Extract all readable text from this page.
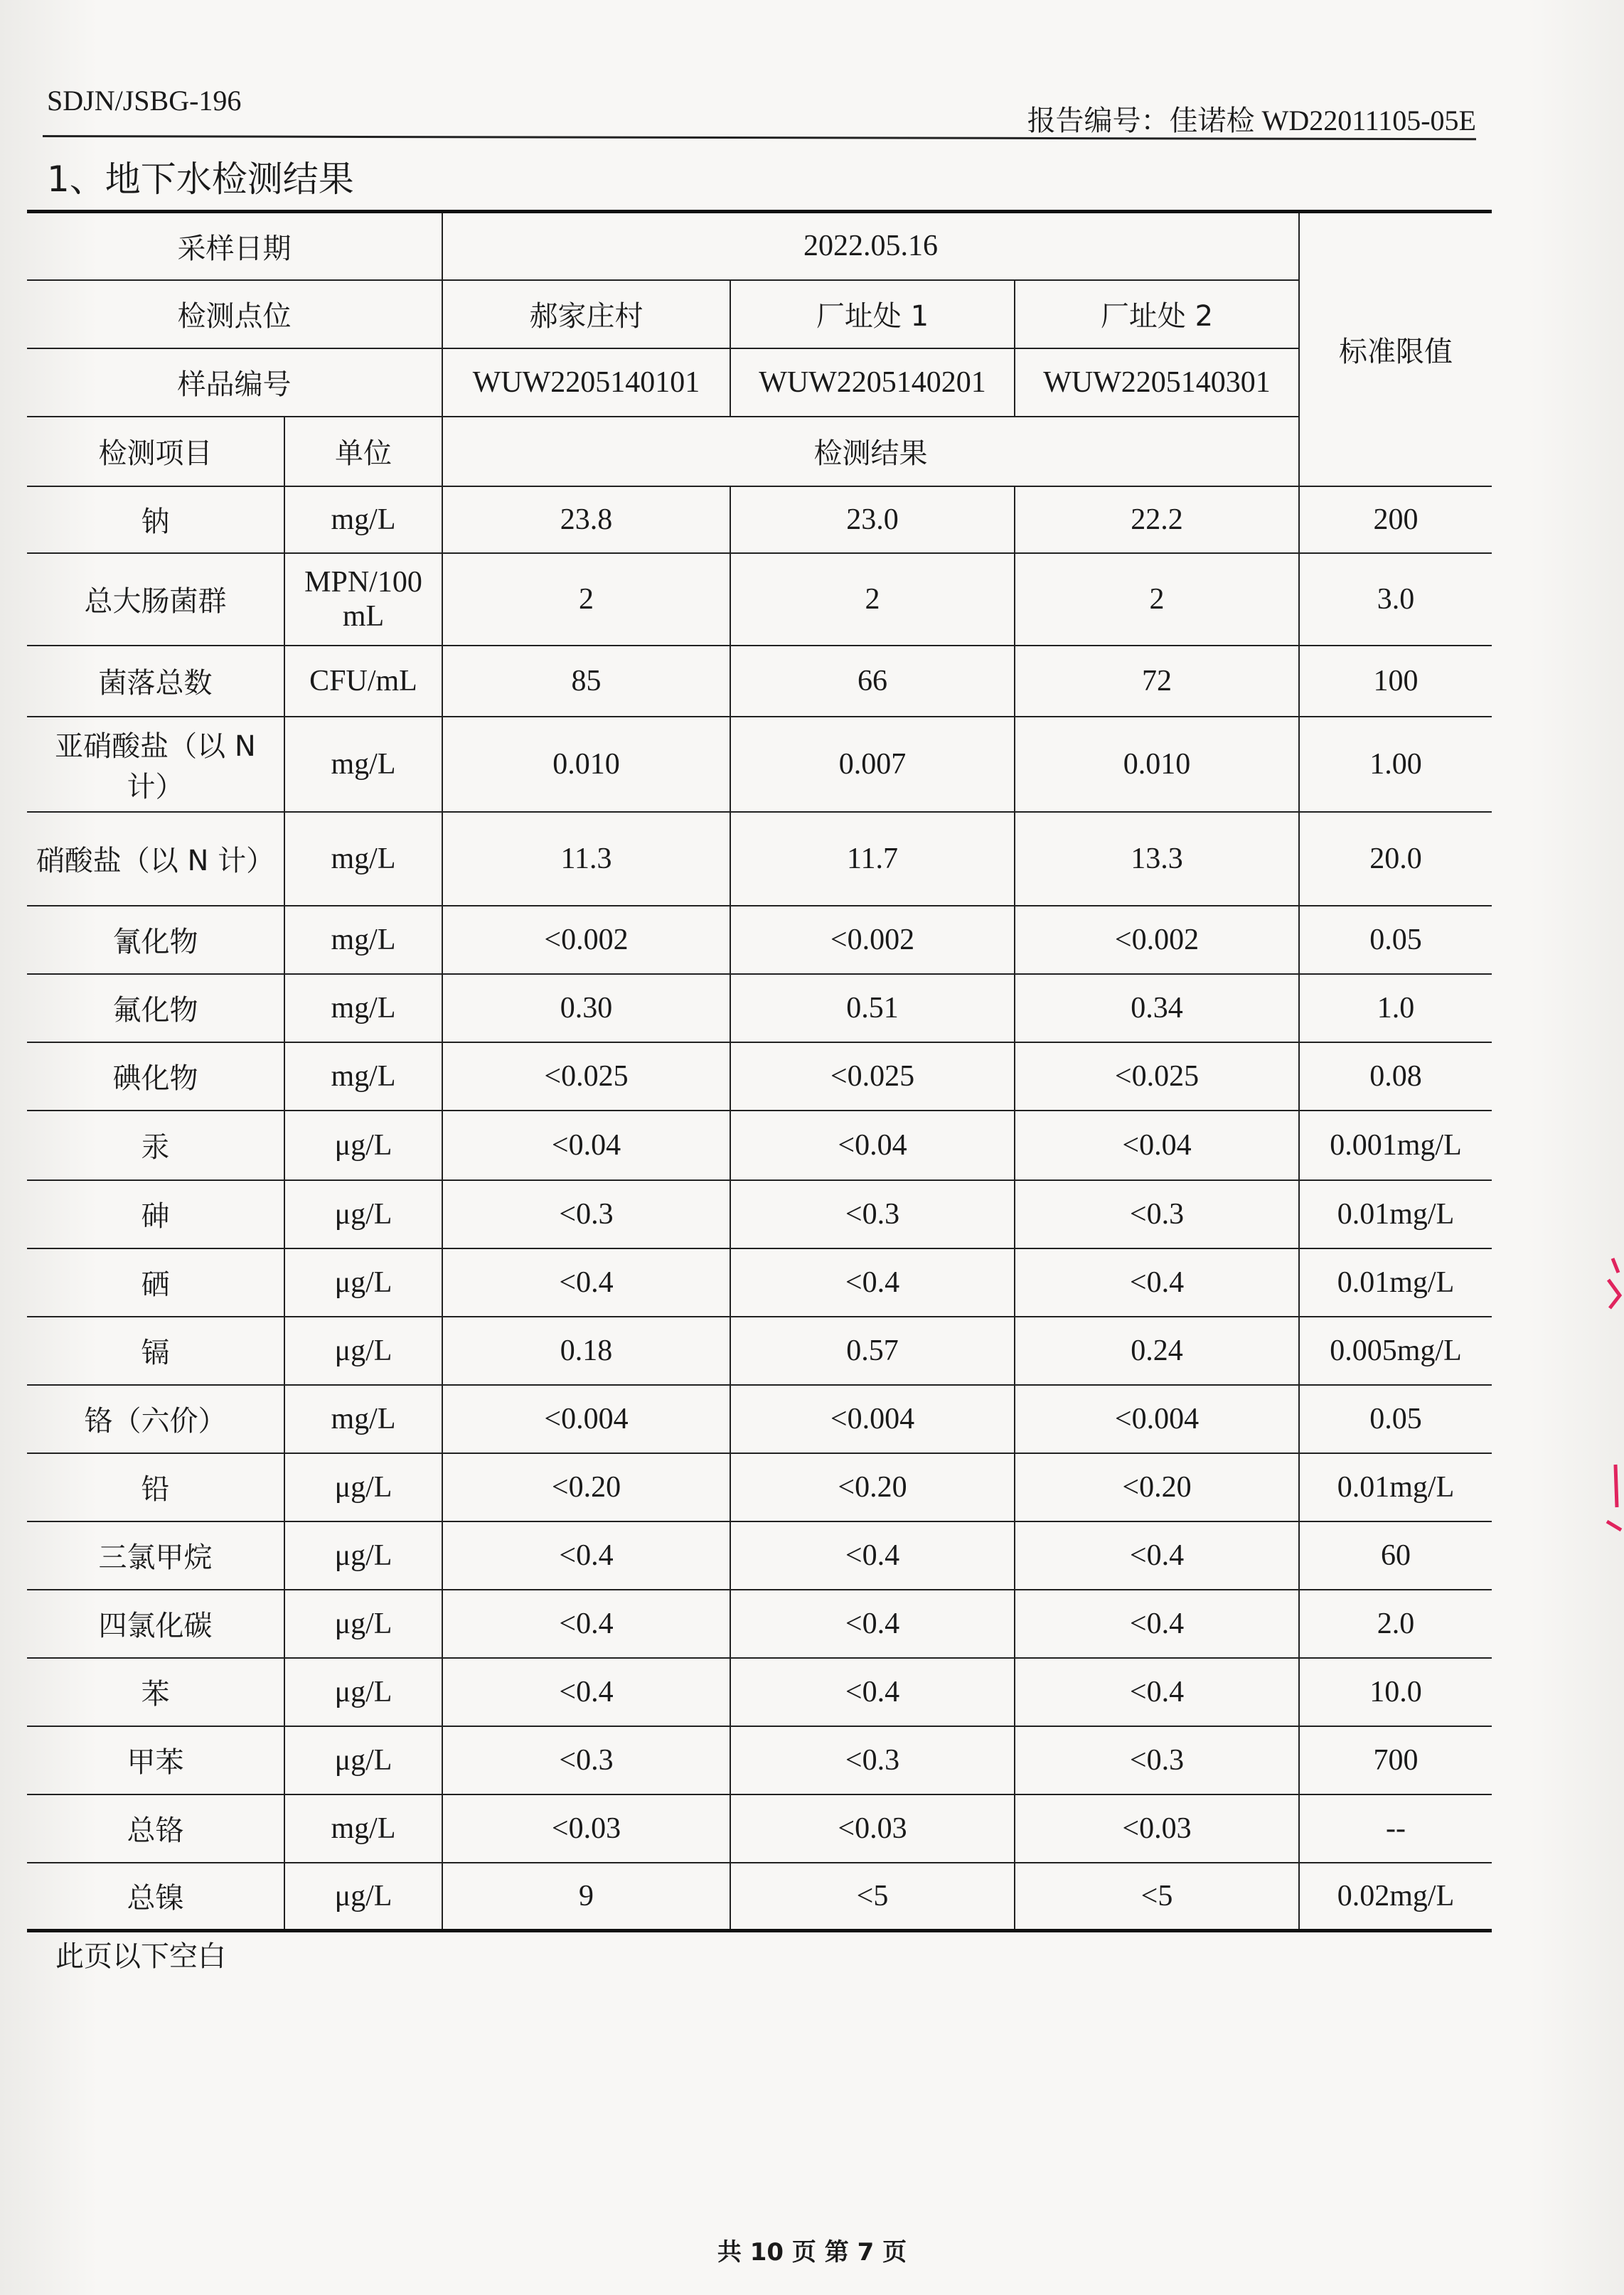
SDJN/JSBG-196
报告编号：佳诺检 WD22011105-05E
1、地下水检测结果
采样日期		2022.05.16			标准限值
检测点位		郝家庄村	厂址处 1	厂址处 2	
样品编号		WUW2205140101	WUW2205140201	WUW2205140301	
检测项目	单位	检测结果			
钠	mg/L	23.8	23.0	22.2	200
总大肠菌群	MPN/100 mL	2	2	2	3.0
菌落总数	CFU/mL	85	66	72	100
亚硝酸盐（以 N 计）	mg/L	0.010	0.007	0.010	1.00
硝酸盐（以 N 计）	mg/L	11.3	11.7	13.3	20.0
氰化物	mg/L	<0.002	<0.002	<0.002	0.05
氟化物	mg/L	0.30	0.51	0.34	1.0
碘化物	mg/L	<0.025	<0.025	<0.025	0.08
汞	μg/L	<0.04	<0.04	<0.04	0.001mg/L
砷	μg/L	<0.3	<0.3	<0.3	0.01mg/L
硒	μg/L	<0.4	<0.4	<0.4	0.01mg/L
镉	μg/L	0.18	0.57	0.24	0.005mg/L
铬（六价）	mg/L	<0.004	<0.004	<0.004	0.05
铅	μg/L	<0.20	<0.20	<0.20	0.01mg/L
三氯甲烷	μg/L	<0.4	<0.4	<0.4	60
四氯化碳	μg/L	<0.4	<0.4	<0.4	2.0
苯	μg/L	<0.4	<0.4	<0.4	10.0
甲苯	μg/L	<0.3	<0.3	<0.3	700
总铬	mg/L	<0.03	<0.03	<0.03	--
总镍	μg/L	9	<5	<5	0.02mg/L
此页以下空白
共 10 页 第 7 页
